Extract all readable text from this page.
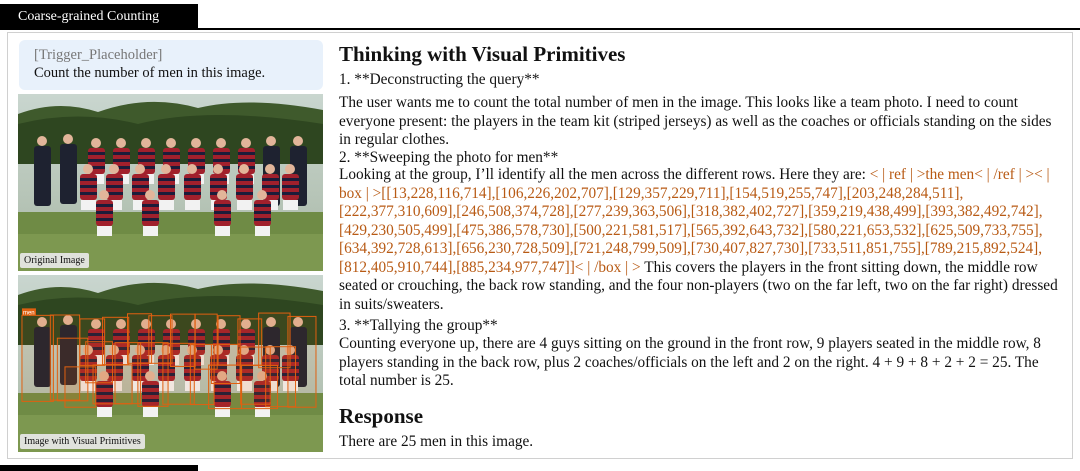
Coarse-grained Counting
[Trigger_Placeholder]
Count the number of men in this image.
Original Image
men
Image with Visual Primitives
Thinking with Visual Primitives

1. **Deconstructing the query**

The user wants me to count the total number of men in the image. This looks like a team photo. I need to count everyone present: the players in the team kit (striped jerseys) as well as the coaches or officials standing on the sides in regular clothes.

2. **Sweeping the photo for men**

Looking at the group, I’ll identify all the men across the different rows. Here they are: < | ref | >the men< | /ref | >< | box | >[[13,228,116,714],[106,226,202,707],[129,357,229,711],[154,519,255,747],[203,248,284,511],[222,377,310,609],[246,508,374,728],[277,239,363,506],[318,382,402,727],[359,219,438,499],[393,382,492,742],[429,230,505,499],[475,386,578,730],[500,221,581,517],[565,392,643,732],[580,221,653,532],[625,509,733,755],[634,392,728,613],[656,230,728,509],[721,248,799,509],[730,407,827,730],[733,511,851,755],[789,215,892,524],[812,405,910,744],[885,234,977,747]]< | /box | > This covers the players in the front sitting down, the middle row seated or crouching, the back row standing, and the four non-players (two on the far left, two on the far right) dressed in suits/sweaters.

3. **Tallying the group**

Counting everyone up, there are 4 guys sitting on the ground in the front row, 9 players seated in the middle row, 8 players standing in the back row, plus 2 coaches/officials on the left and 2 on the right. 4 + 9 + 8 + 2 + 2 = 25. The total number is 25.

Response

There are 25 men in this image.
